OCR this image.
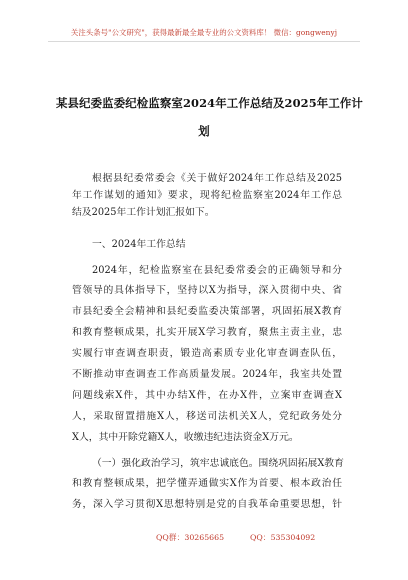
关注头条号"公文研究"，获得最新最全最专业的公文资料库！ 微信：gongwenyj
某县纪委监委纪检监察室2024年工作总结及2025年工作计
划
根据县纪委常委会《关于做好2024年工作总结及2025
年工作谋划的通知》要求，现将纪检监察室2024年工作总
结及2025年工作计划汇报如下。
一、2024年工作总结
2024年，纪检监察室在县纪委常委会的正确领导和分
管领导的具体指导下，坚持以X为指导，深入贯彻中央、省
市县纪委全会精神和县纪委监委决策部署，巩固拓展X教育
和教育整顿成果，扎实开展X学习教育，聚焦主责主业，忠
实履行审查调查职责，锻造高素质专业化审查调查队伍，
不断推动审查调查工作高质量发展。2024年，我室共处置
问题线索X件，其中办结X件，在办X件，立案审查调查X
人，采取留置措施X人，移送司法机关X人，党纪政务处分
X人，其中开除党籍X人，收缴违纪违法资金X万元。
（一）强化政治学习，筑牢忠诚底色。围绕巩固拓展X教育
和教育整顿成果，把学懂弄通做实X作为首要、根本政治任
务，深入学习贯彻X思想特别是党的自我革命重要思想，针
QQ群：30265665	QQ：535304092
